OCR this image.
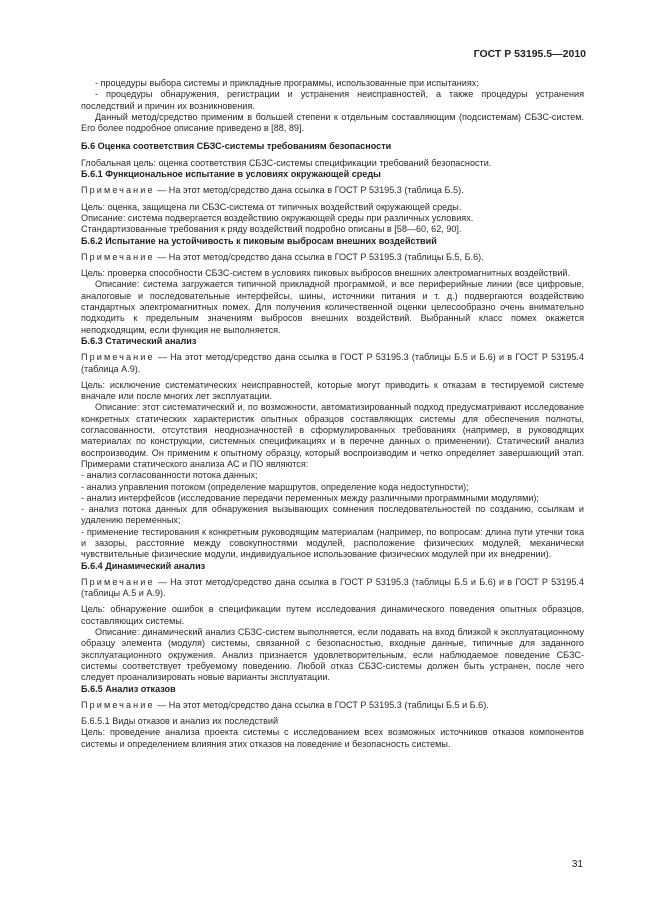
ГОСТ Р 53195.5—2010

- процедуры выбора системы и прикладные программы, использованные при испытаниях;

- процедуры обнаружения, регистрации и устранения неисправностей, а также процедуры устранения последствий и причин их возникновения.

Данный метод/средство применим в большей степени к отдельным составляющим (подсистемам) СБЗС-систем. Его более подробное описание приведено в [88, 89].

Б.6 Оценка соответствия СБЗС-системы требованиям безопасности

Глобальная цель: оценка соответствия СБЗС-системы спецификации требований безопасности.

Б.6.1 Функциональное испытание в условиях окружающей среды

Примечание — На этот метод/средство дана ссылка в ГОСТ Р 53195.3 (таблица Б.5).

Цель: оценка, защищена ли СБЗС-система от типичных воздействий окружающей среды.

Описание: система подвергается воздействию окружающей среды при различных условиях.

Стандартизованные требования к ряду воздействий подробно описаны в [58—60, 62, 90].

Б.6.2 Испытание на устойчивость к пиковым выбросам внешних воздействий

Примечание — На этот метод/средство дана ссылка в ГОСТ Р 53195.3 (таблицы Б.5, Б.6).

Цель: проверка способности СБЗС-систем в условиях пиковых выбросов внешних электромагнитных воздействий.

Описание: система загружается типичной прикладной программой, и все периферийные линии (все цифровые, аналоговые и последовательные интерфейсы, шины, источники питания и т. д.) подвергаются воздействию стандартных электромагнитных помех. Для получения количественной оценки целесообразно очень внимательно подходить к предельным значениям выбросов внешних воздействий. Выбранный класс помех окажется неподходящим, если функция не выполняется.

Б.6.3 Статический анализ

Примечание — На этот метод/средство дана ссылка в ГОСТ Р 53195.3 (таблицы Б.5 и Б.6) и в ГОСТ Р 53195.4 (таблица А.9).

Цель: исключение систематических неисправностей, которые могут приводить к отказам в тестируемой системе вначале или после многих лет эксплуатации.

Описание: этот систематический и, по возможности, автоматизированный подход предусматривают исследование конкретных статических характеристик опытных образцов составляющих системы для обеспечения полноты, согласованности, отсутствия неоднозначностей в сформулированных требованиях (например, в руководящих материалах по конструкции, системных спецификациях и в перечне данных о применении). Статический анализ воспроизводим. Он применим к опытному образцу, который воспроизводим и четко определяет завершающий этап. Примерами статического анализа АС и ПО являются:

- анализ согласованности потока данных;

- анализ управления потоком (определение маршрутов, определение кода недоступности);

- анализ интерфейсов (исследование передачи переменных между различными программными модулями);

- анализ потока данных для обнаружения вызывающих сомнения последовательностей по созданию, ссылкам и удалению переменных;

- применение тестирования к конкретным руководящим материалам (например, по вопросам: длина пути утечки тока и зазоры, расстояние между совокупностями модулей, расположение физических модулей, механически чувствительные физические модули, индивидуальное использование физических модулей при их внедрении).

Б.6.4 Динамический анализ

Примечание — На этот метод/средство дана ссылка в ГОСТ Р 53195.3 (таблицы Б.5 и Б.6) и в ГОСТ Р 53195.4 (таблицы А.5 и А.9).

Цель: обнаружение ошибок в спецификации путем исследования динамического поведения опытных образцов, составляющих системы.

Описание: динамический анализ СБЗС-систем выполняется, если подавать на вход близкой к эксплуатационному образцу элемента (модуля) системы, связанной с безопасностью, входные данные, типичные для заданного эксплуатационного окружения. Анализ признается удовлетворительным, если наблюдаемое поведение СБЗС-системы соответствует требуемому поведению. Любой отказ СБЗС-системы должен быть устранен, после чего следует проанализировать новые варианты эксплуатации.

Б.6.5 Анализ отказов

Примечание — На этот метод/средство дана ссылка в ГОСТ Р 53195.3 (таблицы Б.5 и Б.6).

Б.6.5.1 Виды отказов и анализ их последствий

Цель: проведение анализа проекта системы с исследованием всех возможных источников отказов компонентов системы и определением влияния этих отказов на поведение и безопасность системы.

31
